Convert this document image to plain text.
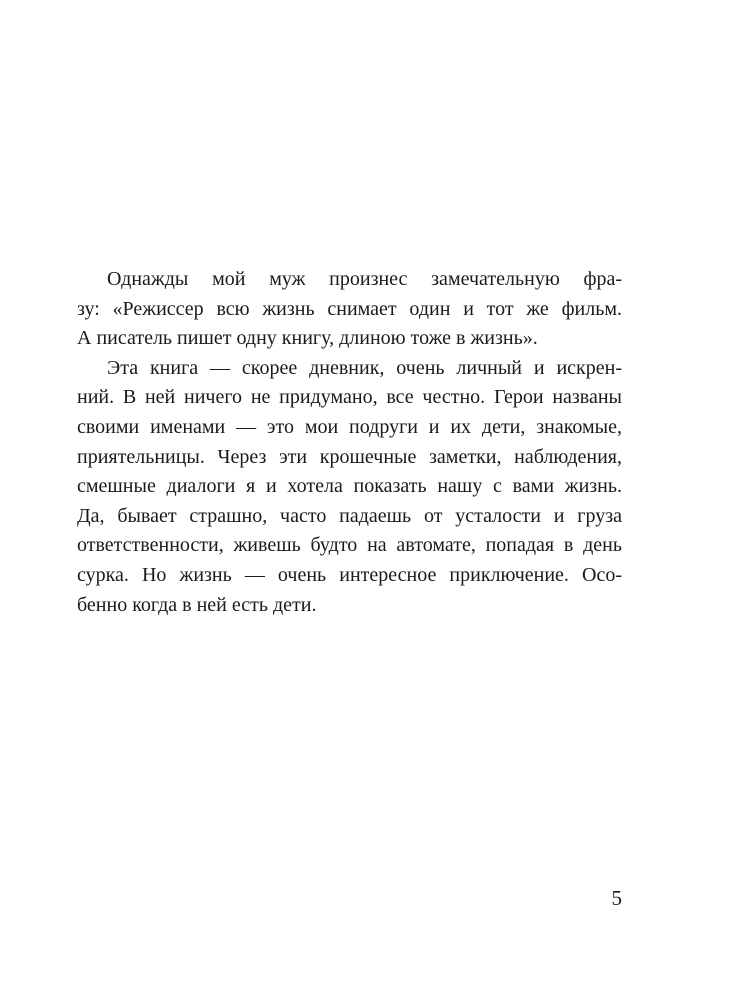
Однажды мой муж произнес замечательную фра-
зу: «Режиссер всю жизнь снимает один и тот же фильм.
А писатель пишет одну книгу, длиною тоже в жизнь».

Эта книга — скорее дневник, очень личный и искрен-
ний. В ней ничего не придумано, все честно. Герои названы
своими именами — это мои подруги и их дети, знакомые,
приятельницы. Через эти крошечные заметки, наблюдения,
смешные диалоги я и хотела показать нашу с вами жизнь.
Да, бывает страшно, часто падаешь от усталости и груза
ответственности, живешь будто на автомате, попадая в день
сурка. Но жизнь — очень интересное приключение. Осо-
бенно когда в ней есть дети.

5
